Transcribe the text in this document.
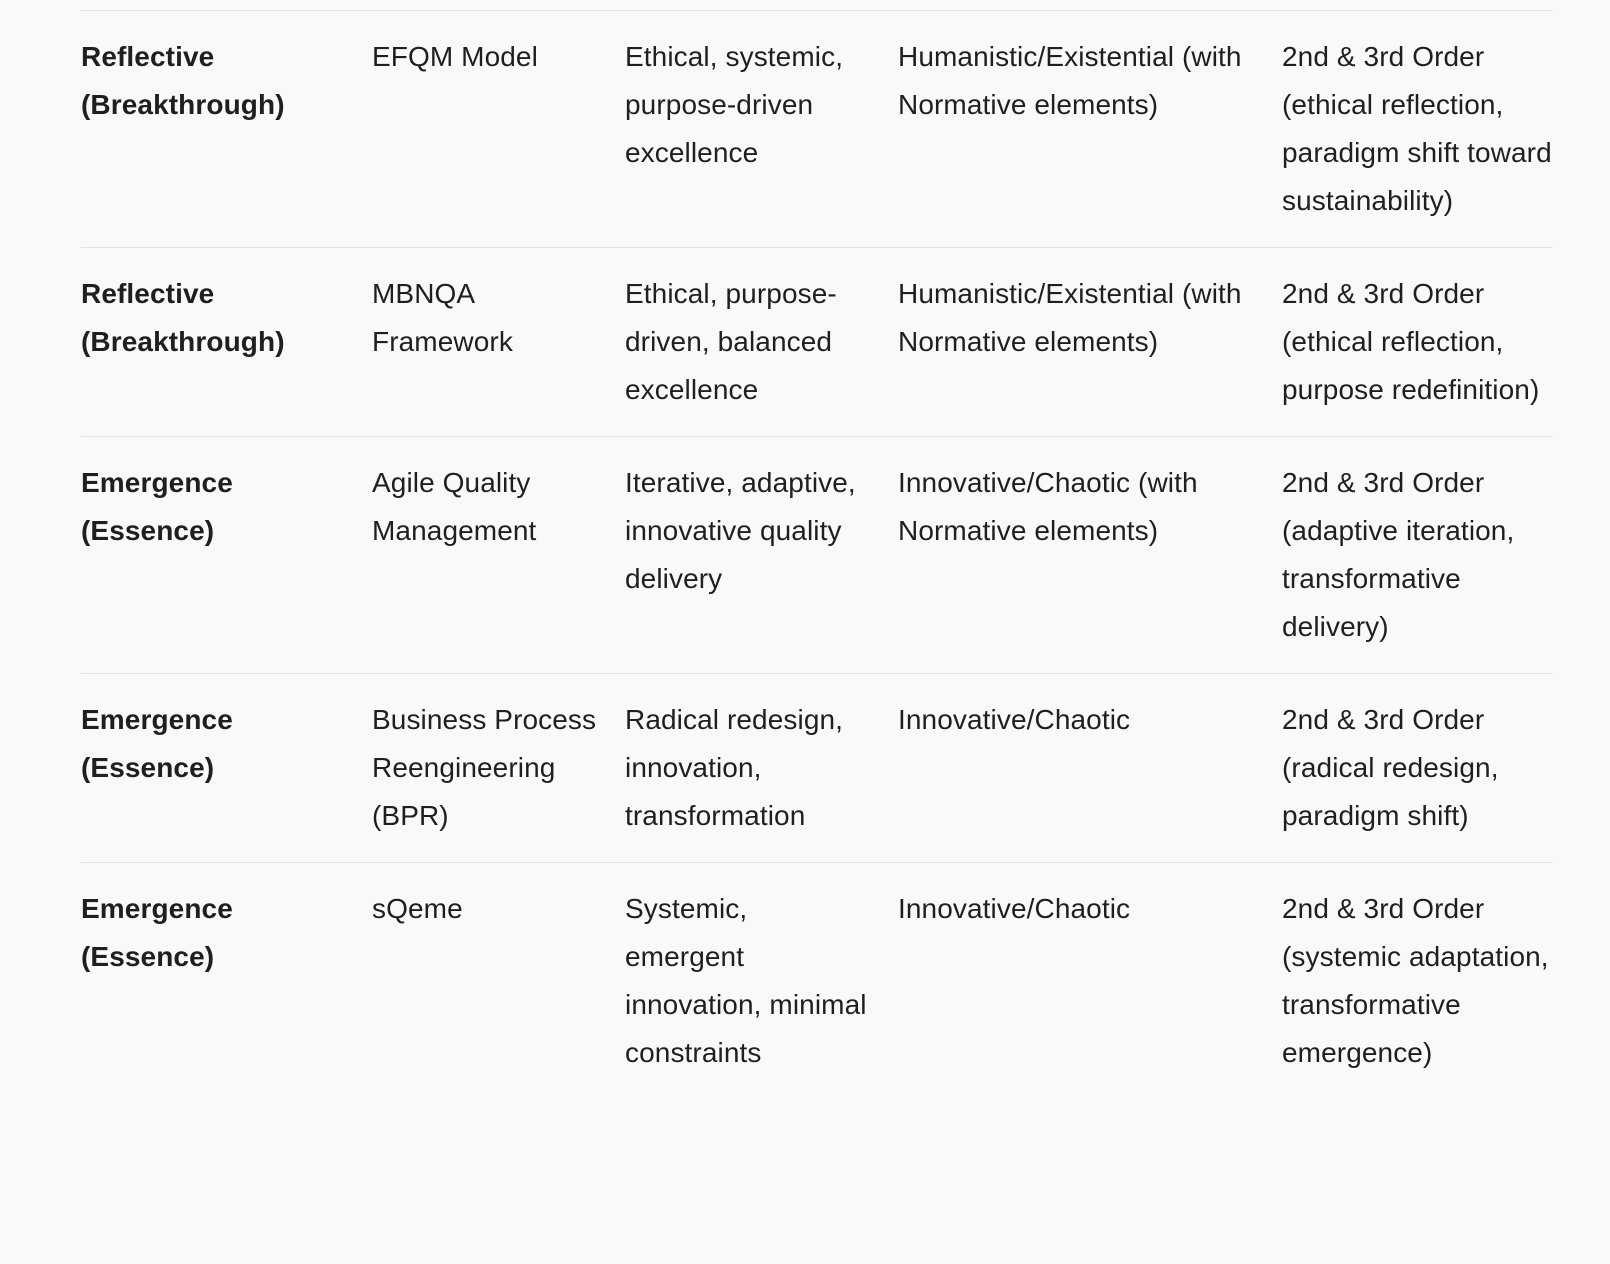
Reflective (Breakthrough)	EFQM Model	Ethical, systemic, purpose-driven excellence	Humanistic/Existential (with Normative elements)	2nd & 3rd Order (ethical reflection, paradigm shift toward sustainability)
Reflective (Breakthrough)	MBNQA Framework	Ethical, purpose-driven, balanced excellence	Humanistic/Existential (with Normative elements)	2nd & 3rd Order (ethical reflection, purpose redefinition)
Emergence (Essence)	Agile Quality Management	Iterative, adaptive, innovative quality delivery	Innovative/Chaotic (with Normative elements)	2nd & 3rd Order (adaptive iteration, transformative delivery)
Emergence (Essence)	Business Process Reengineering (BPR)	Radical redesign, innovation, transformation	Innovative/Chaotic	2nd & 3rd Order (radical redesign, paradigm shift)
Emergence (Essence)	sQeme	Systemic, emergent innovation, minimal constraints	Innovative/Chaotic	2nd & 3rd Order (systemic adaptation, transformative emergence)
